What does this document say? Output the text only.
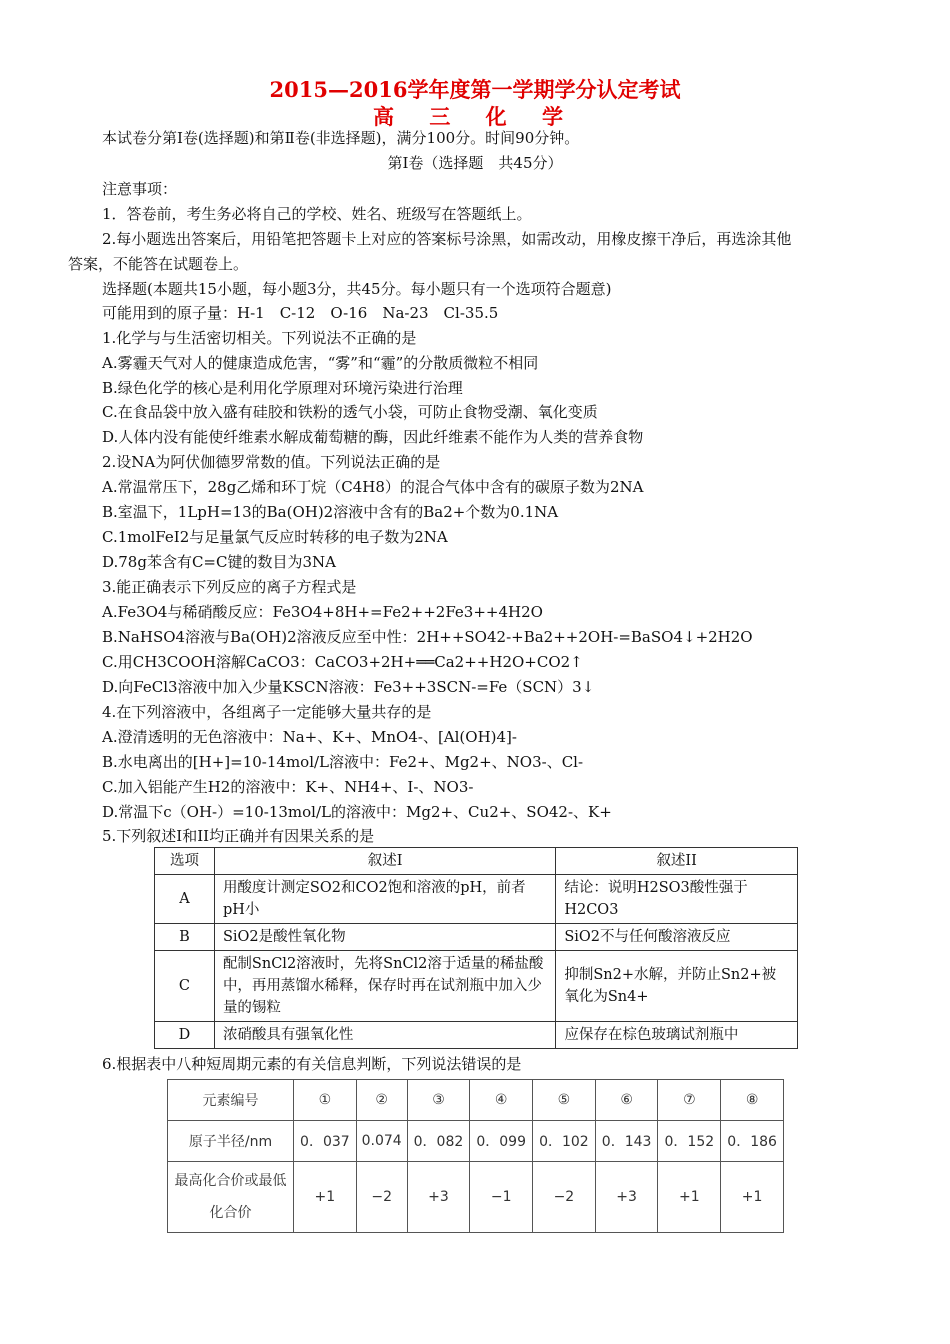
2015—2016学年度第一学期学分认定考试
高 三 化 学
本试卷分第Ⅰ卷(选择题)和第Ⅱ卷(非选择题)，满分100分。时间90分钟。
第Ⅰ卷（选择题　共45分）
注意事项：
1．答卷前，考生务必将自己的学校、姓名、班级写在答题纸上。
2.每小题选出答案后，用铅笔把答题卡上对应的答案标号涂黑，如需改动，用橡皮擦干净后，再选涂其他
答案，不能答在试题卷上。
选择题(本题共15小题，每小题3分，共45分。每小题只有一个选项符合题意)
可能用到的原子量：H-1　C-12　O-16　Na-23　Cl-35.5
1.化学与与生活密切相关。下列说法不正确的是
A.雾霾天气对人的健康造成危害，“雾”和“霾”的分散质微粒不相同
B.绿色化学的核心是利用化学原理对环境污染进行治理
C.在食品袋中放入盛有硅胶和铁粉的透气小袋，可防止食物受潮、氧化变质
D.人体内没有能使纤维素水解成葡萄糖的酶，因此纤维素不能作为人类的营养食物
2.设NA为阿伏伽德罗常数的值。下列说法正确的是
A.常温常压下，28g乙烯和环丁烷（C4H8）的混合气体中含有的碳原子数为2NA
B.室温下，1LpH=13的Ba(OH)2溶液中含有的Ba2+个数为0.1NA
C.1molFeI2与足量氯气反应时转移的电子数为2NA
D.78g苯含有C=C键的数目为3NA
3.能正确表示下列反应的离子方程式是
A.Fe3O4与稀硝酸反应：Fe3O4+8H+=Fe2++2Fe3++4H2O
B.NaHSO4溶液与Ba(OH)2溶液反应至中性：2H++SO42-+Ba2++2OH-=BaSO4↓+2H2O
C.用CH3COOH溶解CaCO3：CaCO3+2H+══Ca2++H2O+CO2↑
D.向FeCl3溶液中加入少量KSCN溶液：Fe3++3SCN-=Fe（SCN）3↓
4.在下列溶液中，各组离子一定能够大量共存的是
A.澄清透明的无色溶液中：Na+、K+、MnO4-、[Al(OH)4]-
B.水电离出的[H+]=10-14mol/L溶液中：Fe2+、Mg2+、NO3-、Cl-
C.加入铝能产生H2的溶液中：K+、NH4+、I-、NO3-
D.常温下c（OH-）=10-13mol/L的溶液中：Mg2+、Cu2+、SO42-、K+
5.下列叙述I和II均正确并有因果关系的是
选项	叙述I	叙述II
A	用酸度计测定SO2和CO2饱和溶液的pH，前者pH小	结论：说明H2SO3酸性强于H2CO3
B	SiO2是酸性氧化物	SiO2不与任何酸溶液反应
C	配制SnCl2溶液时，先将SnCl2溶于适量的稀盐酸中，再用蒸馏水稀释，保存时再在试剂瓶中加入少量的锡粒	抑制Sn2+水解，并防止Sn2+被氧化为Sn4+
D	浓硝酸具有强氧化性	应保存在棕色玻璃试剂瓶中
6.根据表中八种短周期元素的有关信息判断，下列说法错误的是
元素编号	①	②	③	④	⑤	⑥	⑦	⑧
原子半径/nm	0．037	0.074	0．082	0．099	0．102	0．143	0．152	0．186
最高化合价或最低化合价	+1	−2	+3	−1	−2	+3	+1	+1
